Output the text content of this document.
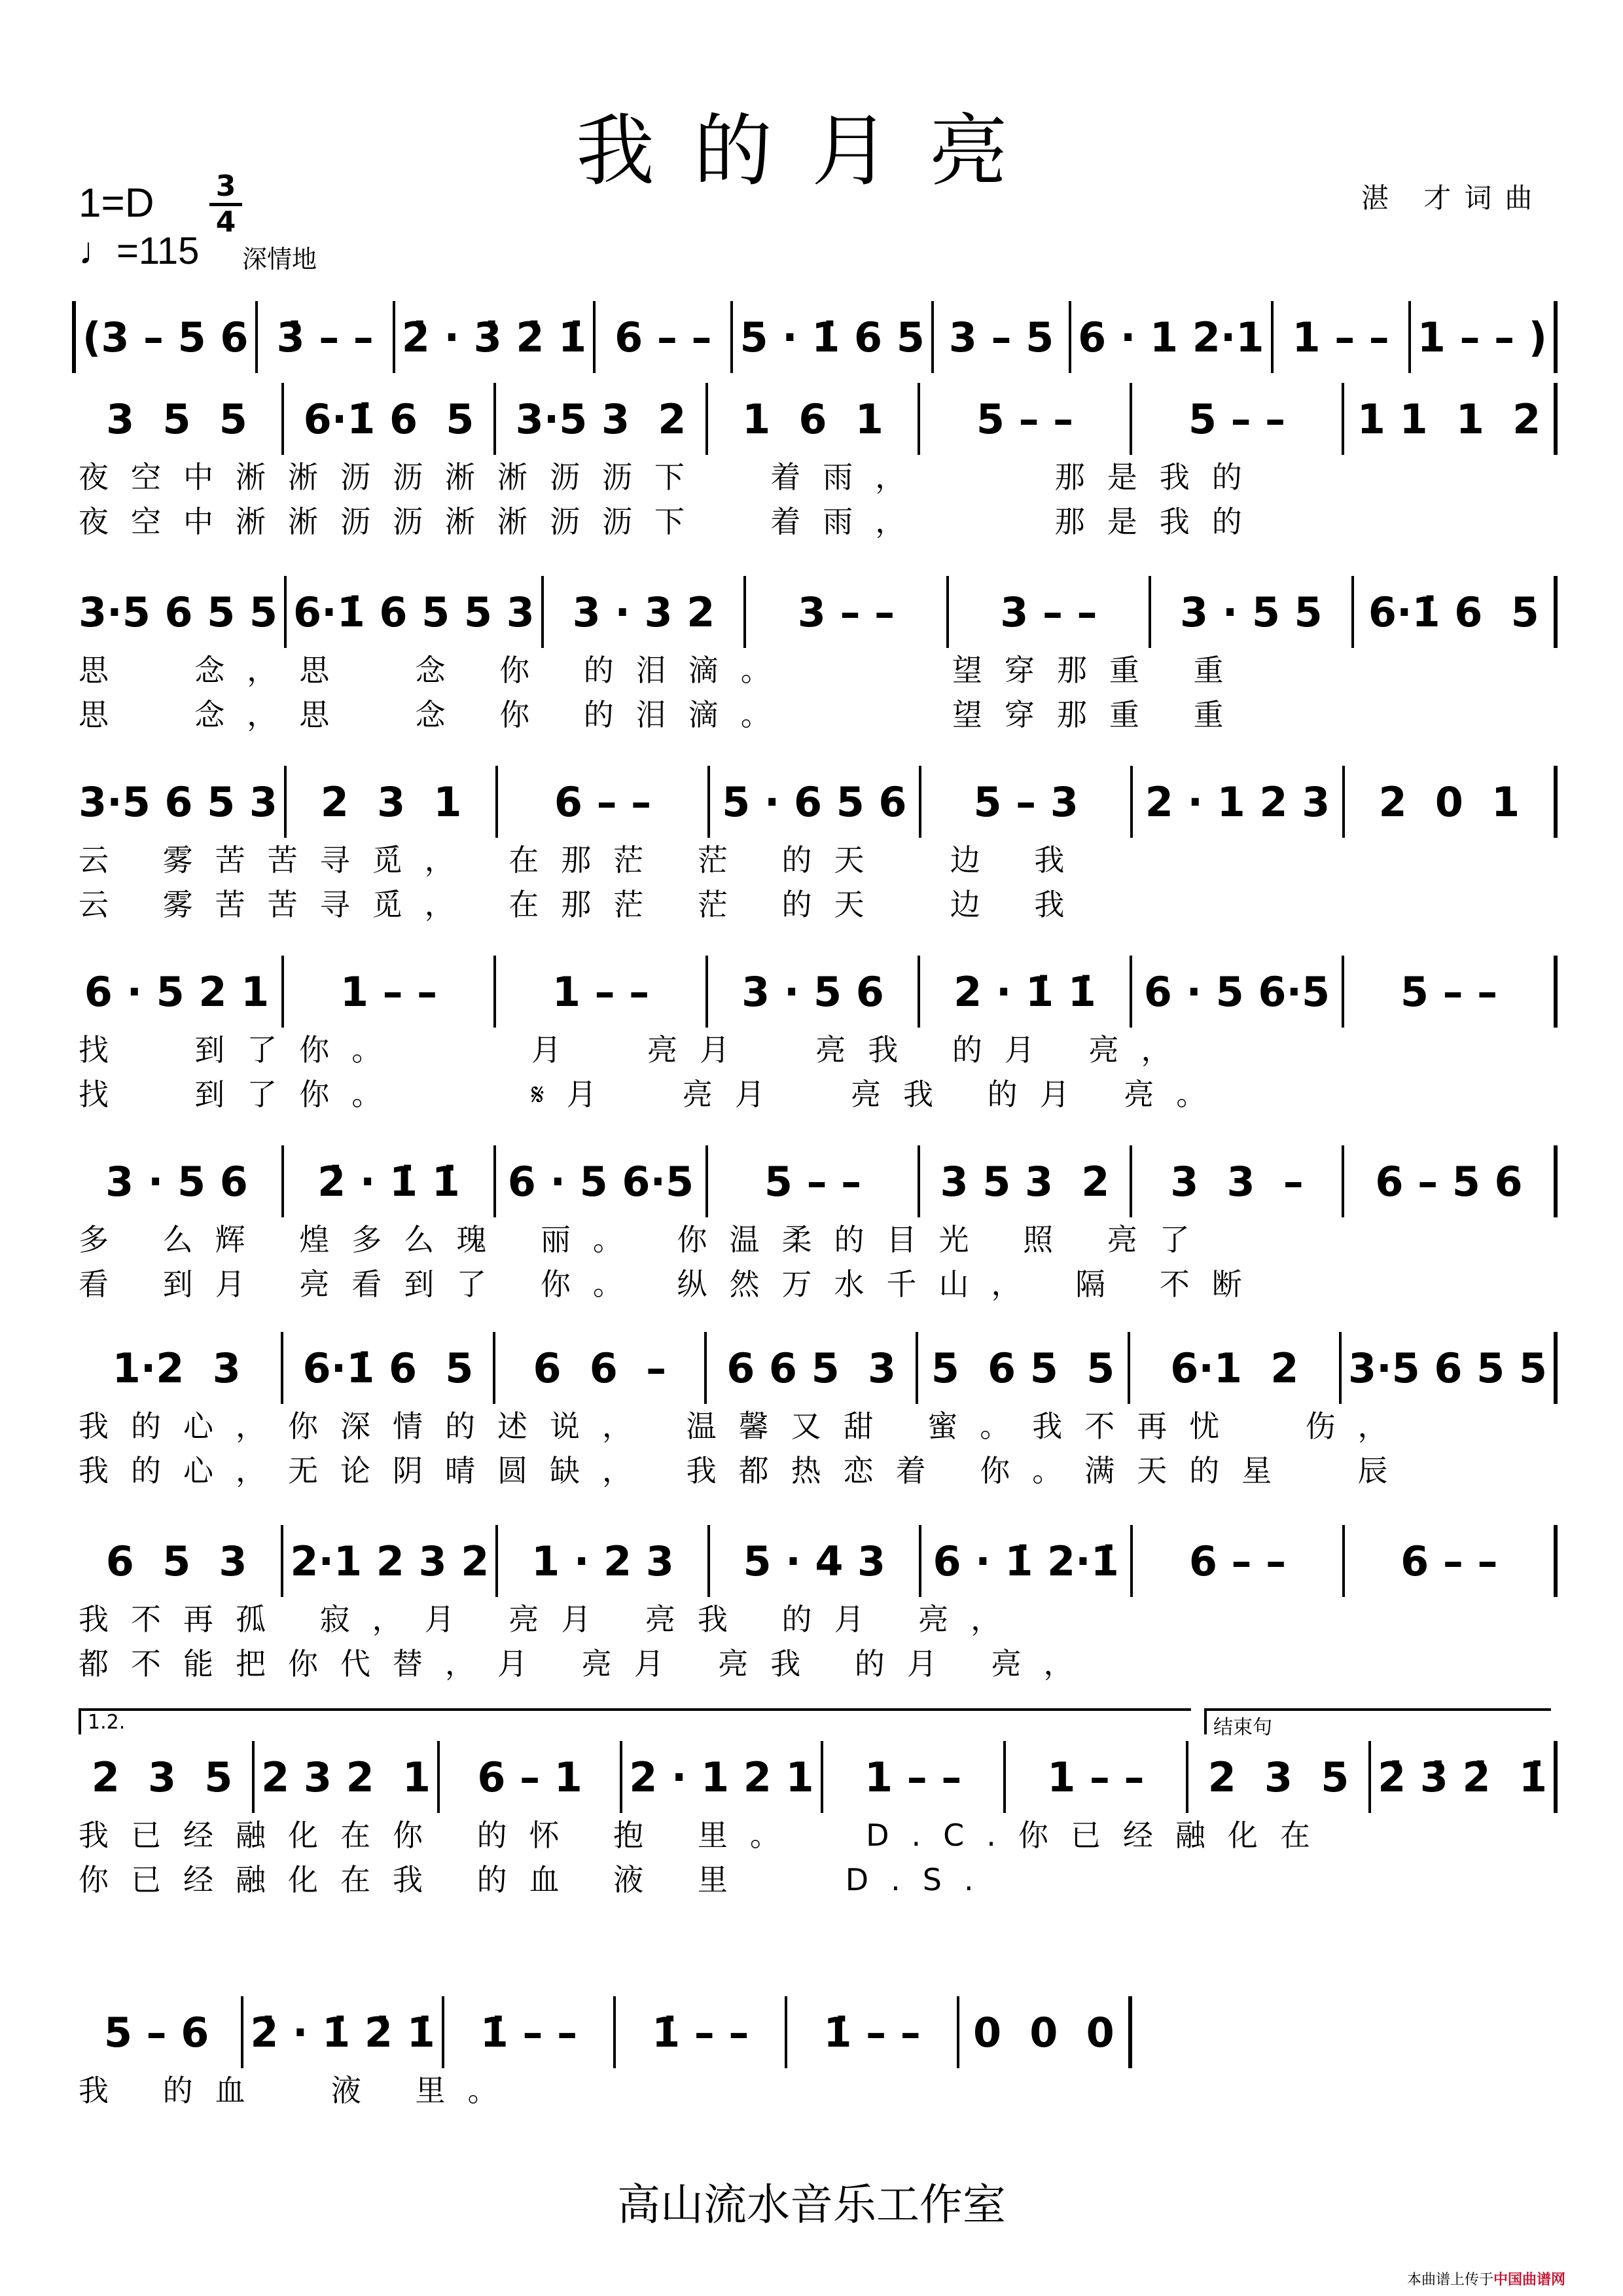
我的月亮
湛 才词曲
1=D 3
4
♩=115 深情地
(3 – 5 6 3̇ – – 2̇ · 3̇ 2̇ 1̇ 6 – – 5 · 1̇ 6 5 3 – 5 6 · 1 2·1 1 – – 1 – – )
3  5  5	6·1̇ 6  5	3·5 3  2	1  6  1	5 – –	5 – –	1 1  1  2
夜空中淅淅沥沥淅淅沥沥下  着雨，    那是我的
夜空中淅淅沥沥淅淅沥沥下  着雨，    那是我的
3·5 6 5 5 6·1̇ 6 5 5 3 3 · 3 2	3 – –	3 – –	3 · 5 5	6·1̇ 6  5
思  念，思  念 你 的泪滴。     望穿那重 重
思  念，思  念 你 的泪滴。     望穿那重 重
3·5 6 5 3	2  3  1	6 – –	5 · 6 5 6	5 – 3	2 · 1 2 3	2  0  1
云 雾苦苦寻觅， 在那茫 茫 的天  边 我
云 雾苦苦寻觅， 在那茫 茫 的天  边 我
6 · 5 2 1	1 – –	1 – –	3 · 5 6	2 · 1̇ 1̇	6 · 5 6·5	5 – –
找  到了你。    月  亮月  亮我 的月 亮，
找  到了你。    𝄋月  亮月  亮我 的月 亮。
3 · 5 6	2̇ · 1̇ 1̇	6 · 5 6·5	5 – –	3 5 3  2	3  3  –	6 – 5 6
多 么辉 煌多么瑰 丽。 你温柔的目光 照 亮了
看 到月 亮看到了 你。 纵然万水千山， 隔 不断
1·2  3	6·1̇ 6  5	6  6  –	6 6 5  3 5  6 5  5	6·1  2	3·5 6 5 5
我的心，你深情的述说， 温馨又甜 蜜。我不再忧  伤，
我的心，无论阴晴圆缺， 我都热恋着 你。满天的星  辰
6  5  3	2·1 2 3 2	1 · 2 3	5 · 4 3	6 · 1̇ 2·1̇	6 – –	6 – –
我不再孤 寂，月 亮月 亮我 的月 亮，
都不能把你代替，月 亮月 亮我 的月 亮，
2  3  5 2 3 2  1	6 – 1	2 · 1 2 1	1 – –	1 – –	2  3  5 2̇ 3̇ 2̇  1̇
我已经融化在你 的怀 抱 里。  D.C.你已经融化在
你已经融化在我 的血 液 里   D.S.
5 – 6	2̇ · 1̇ 2̇ 1̇	1̇ – –	1̇ – –	1̇ – –	0  0  0
我 的血  液 里。
高山流水音乐工作室
本曲谱上传于中国曲谱网
1.2.	结束句
